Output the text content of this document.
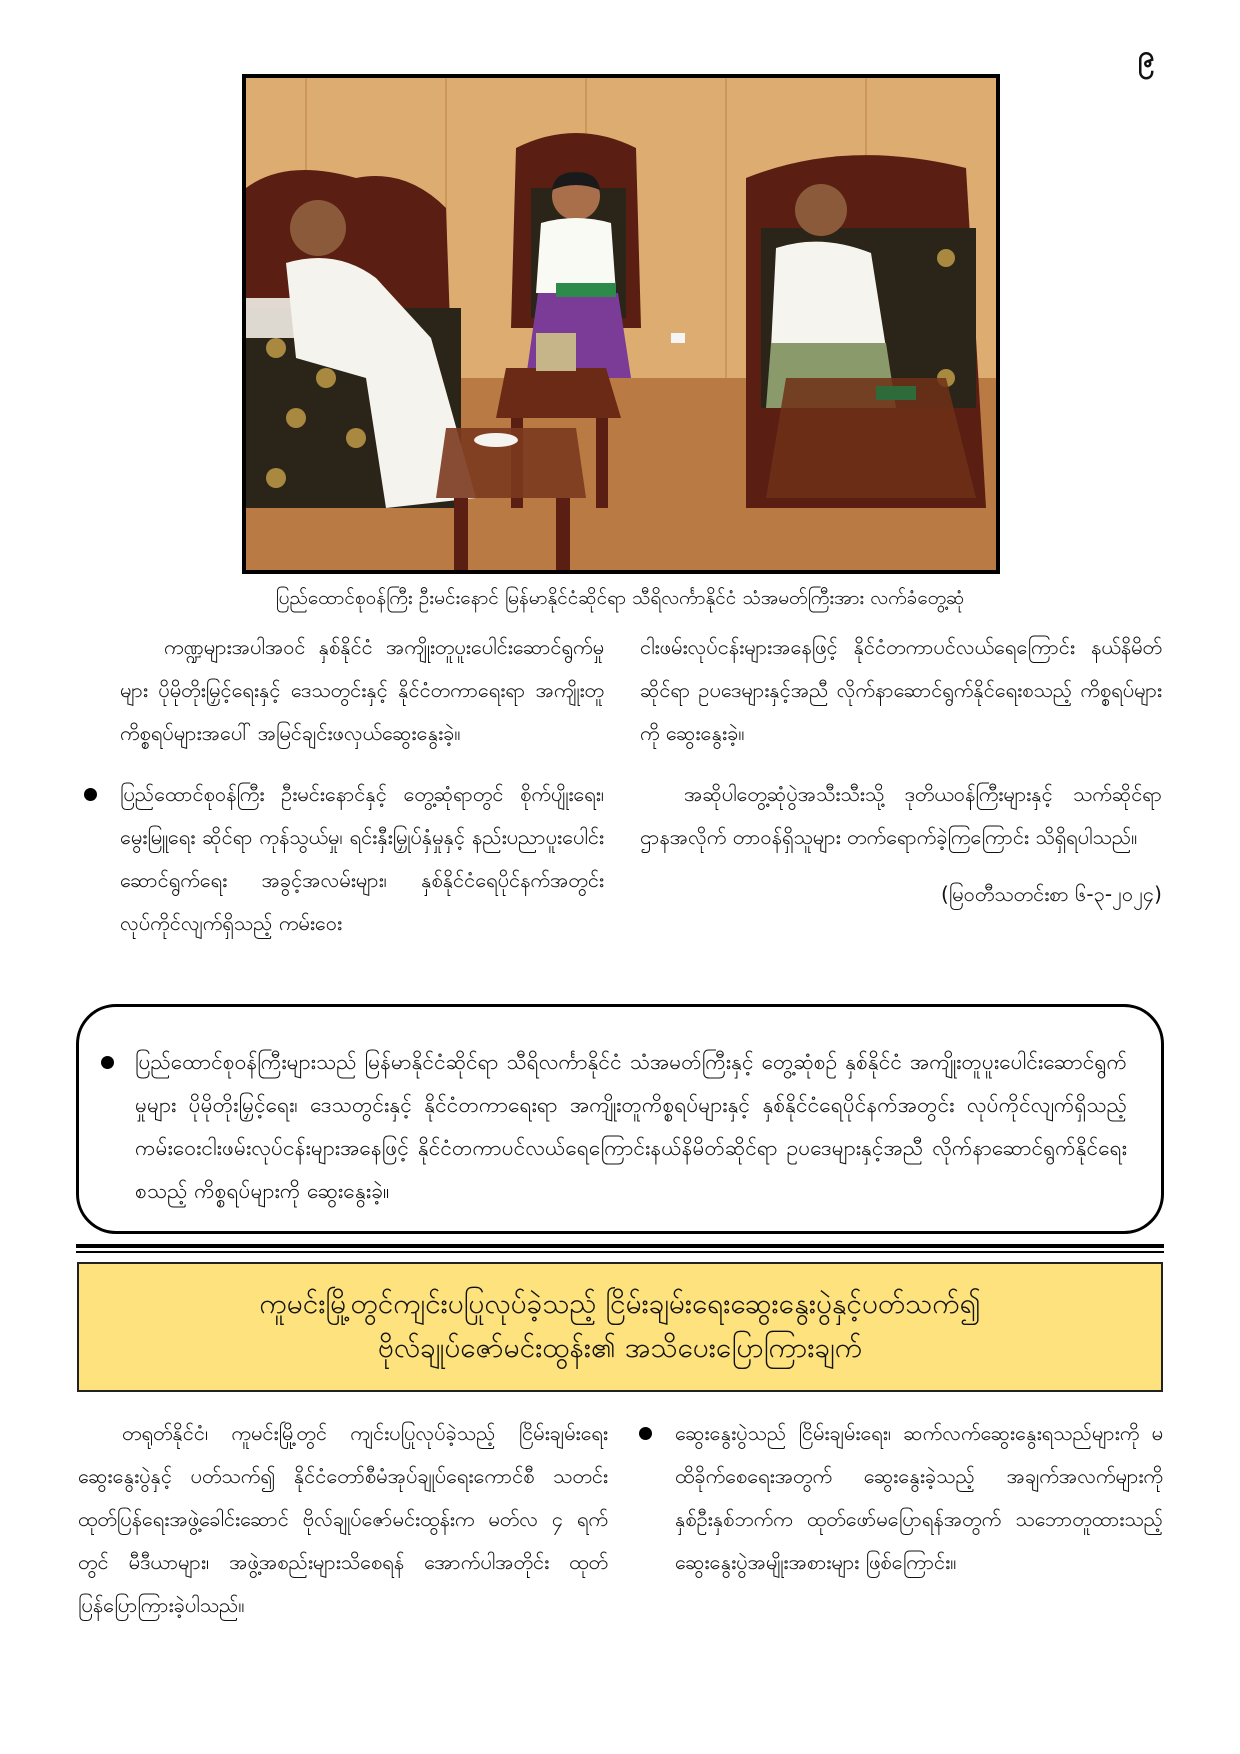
၉
ပြည်ထောင်စုဝန်ကြီး ဦးမင်းနောင် မြန်မာနိုင်ငံဆိုင်ရာ သီရိလင်္ကာနိုင်ငံ သံအမတ်ကြီးအား လက်ခံတွေ့ဆုံ

ကဏ္ဍများအပါအဝင် နှစ်နိုင်ငံ အကျိုးတူပူးပေါင်းဆောင်ရွက်မှုများ ပိုမိုတိုးမြှင့်ရေးနှင့် ဒေသတွင်းနှင့် နိုင်ငံတကာရေးရာ အကျိုးတူကိစ္စရပ်များအပေါ် အမြင်ချင်းဖလှယ်ဆွေးနွေးခဲ့။

ပြည်ထောင်စုဝန်ကြီး ဦးမင်းနောင်နှင့် တွေ့ဆုံရာတွင် စိုက်ပျိုးရေး၊ မွေးမြူရေး ဆိုင်ရာ ကုန်သွယ်မှု၊ ရင်းနှီးမြှုပ်နှံမှုနှင့် နည်းပညာပူးပေါင်းဆောင်ရွက်ရေး အခွင့်အလမ်းများ၊ နှစ်နိုင်ငံရေပိုင်နက်အတွင်း လုပ်ကိုင်လျက်ရှိသည့် ကမ်းဝေး

ငါးဖမ်းလုပ်ငန်းများအနေဖြင့် နိုင်ငံတကာပင်လယ်ရေကြောင်း နယ်နိမိတ်ဆိုင်ရာ ဥပဒေများနှင့်အညီ လိုက်နာဆောင်ရွက်နိုင်ရေးစသည့် ကိစ္စရပ်များကို ဆွေးနွေးခဲ့။

အဆိုပါတွေ့ဆုံပွဲအသီးသီးသို့ ဒုတိယဝန်ကြီးများနှင့် သက်ဆိုင်ရာဌာနအလိုက် တာဝန်ရှိသူများ တက်ရောက်ခဲ့ကြကြောင်း သိရှိရပါသည်။

(မြဝတီသတင်းစာ ၆-၃-၂၀၂၄)

ပြည်ထောင်စုဝန်ကြီးများသည် မြန်မာနိုင်ငံဆိုင်ရာ သီရိလင်္ကာနိုင်ငံ သံအမတ်ကြီးနှင့် တွေ့ဆုံစဉ် နှစ်နိုင်ငံ အကျိုးတူပူးပေါင်းဆောင်ရွက်မှုများ ပိုမိုတိုးမြှင့်ရေး၊ ဒေသတွင်းနှင့် နိုင်ငံတကာရေးရာ အကျိုးတူကိစ္စရပ်များနှင့် နှစ်နိုင်ငံရေပိုင်နက်အတွင်း လုပ်ကိုင်လျက်ရှိသည့် ကမ်းဝေးငါးဖမ်းလုပ်ငန်းများအနေဖြင့် နိုင်ငံတကာပင်လယ်ရေကြောင်းနယ်နိမိတ်ဆိုင်ရာ ဥပဒေများနှင့်အညီ လိုက်နာဆောင်ရွက်နိုင်ရေးစသည့် ကိစ္စရပ်များကို ဆွေးနွေးခဲ့။
ကူမင်းမြို့တွင်ကျင်းပပြုလုပ်ခဲ့သည့် ငြိမ်းချမ်းရေးဆွေးနွေးပွဲနှင့်ပတ်သက်၍
ဗိုလ်ချုပ်ဇော်မင်းထွန်း၏ အသိပေးပြောကြားချက်

တရုတ်နိုင်ငံ၊ ကူမင်းမြို့တွင် ကျင်းပပြုလုပ်ခဲ့သည့် ငြိမ်းချမ်းရေးဆွေးနွေးပွဲနှင့် ပတ်သက်၍ နိုင်ငံတော်စီမံအုပ်ချုပ်ရေးကောင်စီ သတင်းထုတ်ပြန်ရေးအဖွဲ့ခေါင်းဆောင် ဗိုလ်ချုပ်ဇော်မင်းထွန်းက မတ်လ ၄ ရက်တွင် မီဒီယာများ၊ အဖွဲ့အစည်းများသိစေရန် အောက်ပါအတိုင်း ထုတ်ပြန်ပြောကြားခဲ့ပါသည်။

ဆွေးနွေးပွဲသည် ငြိမ်းချမ်းရေး၊ ဆက်လက်ဆွေးနွေးရသည်များကို မထိခိုက်စေရေးအတွက် ဆွေးနွေးခဲ့သည့် အချက်အလက်များကို နှစ်ဦးနှစ်ဘက်က ထုတ်ဖော်မပြောရန်အတွက် သဘောတူထားသည့် ဆွေးနွေးပွဲအမျိုးအစားများ ဖြစ်ကြောင်း။
